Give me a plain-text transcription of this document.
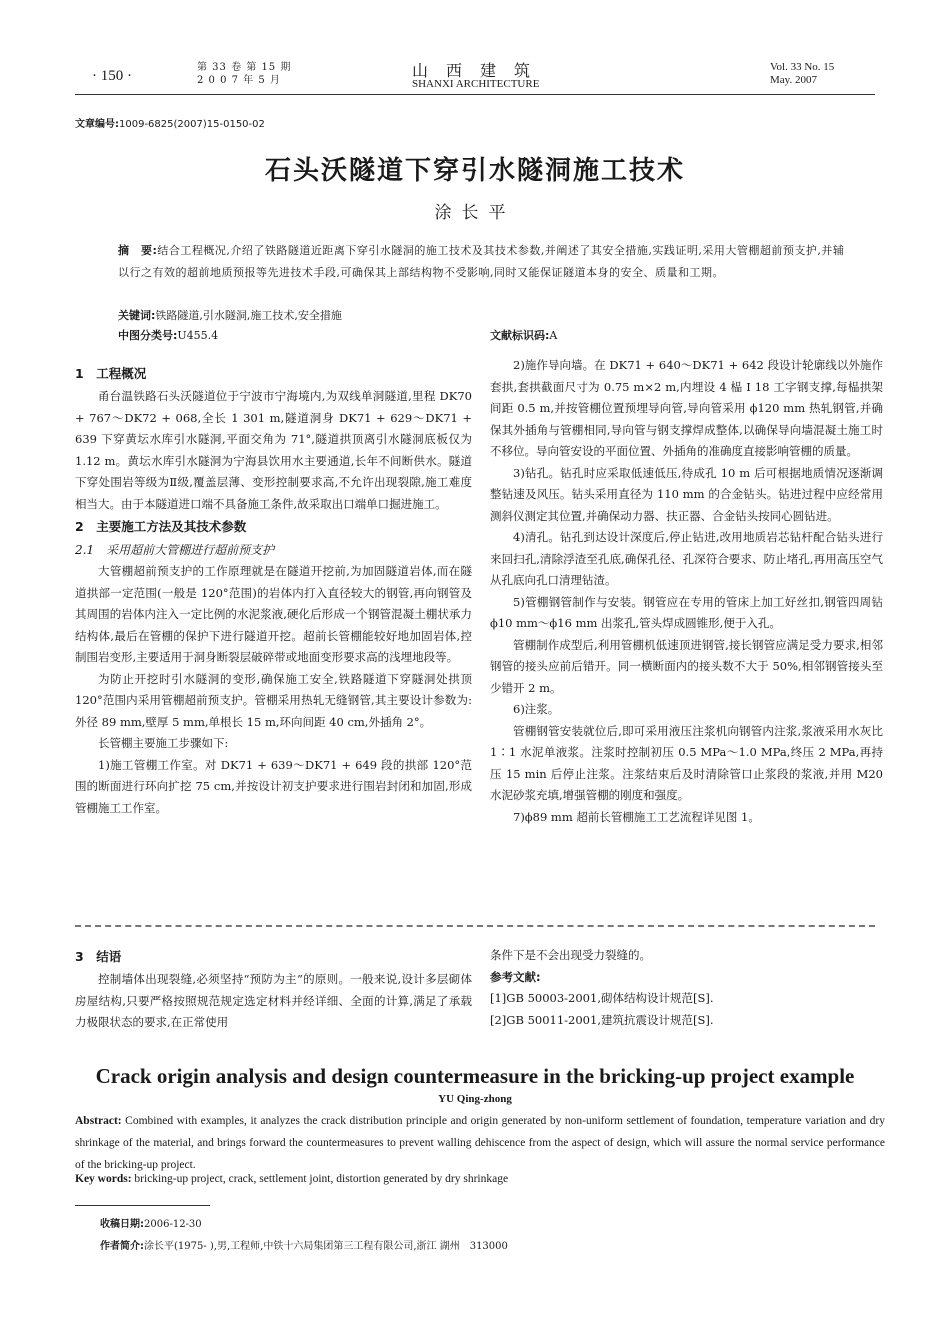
· 150 ·
第 33 卷 第 15 期
2 0 0 7 年 5 月
山西建筑
SHANXI ARCHITECTURE
Vol. 33 No. 15
May. 2007
文章编号:1009-6825(2007)15-0150-02
石头沃隧道下穿引水隧洞施工技术
涂长平
摘　要:结合工程概况,介绍了铁路隧道近距离下穿引水隧洞的施工技术及其技术参数,并阐述了其安全措施,实践证明,采用大管棚超前预支护,并辅以行之有效的超前地质预报等先进技术手段,可确保其上部结构物不受影响,同时又能保证隧道本身的安全、质量和工期。
关键词:铁路隧道,引水隧洞,施工技术,安全措施
中图分类号:U455.4	文献标识码:A
1　工程概况

甬台温铁路石头沃隧道位于宁波市宁海境内,为双线单洞隧道,里程 DK70 + 767～DK72 + 068,全长 1 301 m,隧道洞身 DK71 + 629～DK71 + 639 下穿黄坛水库引水隧洞,平面交角为 71°,隧道拱顶离引水隧洞底板仅为 1.12 m。黄坛水库引水隧洞为宁海县饮用水主要通道,长年不间断供水。隧道下穿处围岩等级为Ⅱ级,覆盖层薄、变形控制要求高,不允许出现裂隙,施工难度相当大。由于本隧道进口端不具备施工条件,故采取出口端单口掘进施工。

2　主要施工方法及其技术参数
2.1　采用超前大管棚进行超前预支护

大管棚超前预支护的工作原理就是在隧道开挖前,为加固隧道岩体,而在隧道拱部一定范围(一般是 120°范围)的岩体内打入直径较大的钢管,再向钢管及其周围的岩体内注入一定比例的水泥浆液,硬化后形成一个钢管混凝土棚状承力结构体,最后在管棚的保护下进行隧道开挖。超前长管棚能较好地加固岩体,控制围岩变形,主要适用于洞身断裂层破碎带或地面变形要求高的浅埋地段等。

为防止开挖时引水隧洞的变形,确保施工安全,铁路隧道下穿隧洞处拱顶 120°范围内采用管棚超前预支护。管棚采用热轧无缝钢管,其主要设计参数为:外径 89 mm,壁厚 5 mm,单根长 15 m,环向间距 40 cm,外插角 2°。

长管棚主要施工步骤如下:

1)施工管棚工作室。对 DK71 + 639～DK71 + 649 段的拱部 120°范围的断面进行环向扩挖 75 cm,并按设计初支护要求进行围岩封闭和加固,形成管棚施工工作室。

2)施作导向墙。在 DK71 + 640～DK71 + 642 段设计轮廓线以外施作套拱,套拱截面尺寸为 0.75 m×2 m,内埋设 4 榀 I 18 工字钢支撑,每榀拱架间距 0.5 m,并按管棚位置预埋导向管,导向管采用 ϕ120 mm 热轧钢管,并确保其外插角与管棚相同,导向管与钢支撑焊成整体,以确保导向墙混凝土施工时不移位。导向管安设的平面位置、外插角的准确度直接影响管棚的质量。

3)钻孔。钻孔时应采取低速低压,待成孔 10 m 后可根据地质情况逐渐调整钻速及风压。钻头采用直径为 110 mm 的合金钻头。钻进过程中应经常用测斜仪测定其位置,并确保动力器、扶正器、合金钻头按同心圆钻进。

4)清孔。钻孔到达设计深度后,停止钻进,改用地质岩芯钻杆配合钻头进行来回扫孔,清除浮渣至孔底,确保孔径、孔深符合要求、防止堵孔,再用高压空气从孔底向孔口清理钻渣。

5)管棚钢管制作与安装。钢管应在专用的管床上加工好丝扣,钢管四周钻 ϕ10 mm～ϕ16 mm 出浆孔,管头焊成圆锥形,便于入孔。

管棚制作成型后,利用管棚机低速顶进钢管,接长钢管应满足受力要求,相邻钢管的接头应前后错开。同一横断面内的接头数不大于 50%,相邻钢管接头至少错开 2 m。

6)注浆。

管棚钢管安装就位后,即可采用液压注浆机向钢管内注浆,浆液采用水灰比 1∶1 水泥单液浆。注浆时控制初压 0.5 MPa～1.0 MPa,终压 2 MPa,再持压 15 min 后停止注浆。注浆结束后及时清除管口止浆段的浆液,并用 M20 水泥砂浆充填,增强管棚的刚度和强度。

7)ϕ89 mm 超前长管棚施工工艺流程详见图 1。

3　结语

控制墙体出现裂缝,必须坚持“预防为主”的原则。一般来说,设计多层砌体房屋结构,只要严格按照规范规定选定材料并经详细、全面的计算,满足了承载力极限状态的要求,在正常使用

条件下是不会出现受力裂缝的。

参考文献:
[1]GB 50003-2001,砌体结构设计规范[S].
[2]GB 50011-2001,建筑抗震设计规范[S].
Crack origin analysis and design countermeasure in the bricking-up project example
YU Qing-zhong
Abstract: Combined with examples, it analyzes the crack distribution principle and origin generated by non-uniform settlement of foundation, temperature variation and dry shrinkage of the material, and brings forward the countermeasures to prevent walling dehiscence from the aspect of design, which will assure the normal service performance of the bricking-up project.
Key words: bricking-up project, crack, settlement joint, distortion generated by dry shrinkage
收稿日期:2006-12-30
作者简介:涂长平(1975- ),男,工程师,中铁十六局集团第三工程有限公司,浙江 湖州　313000
